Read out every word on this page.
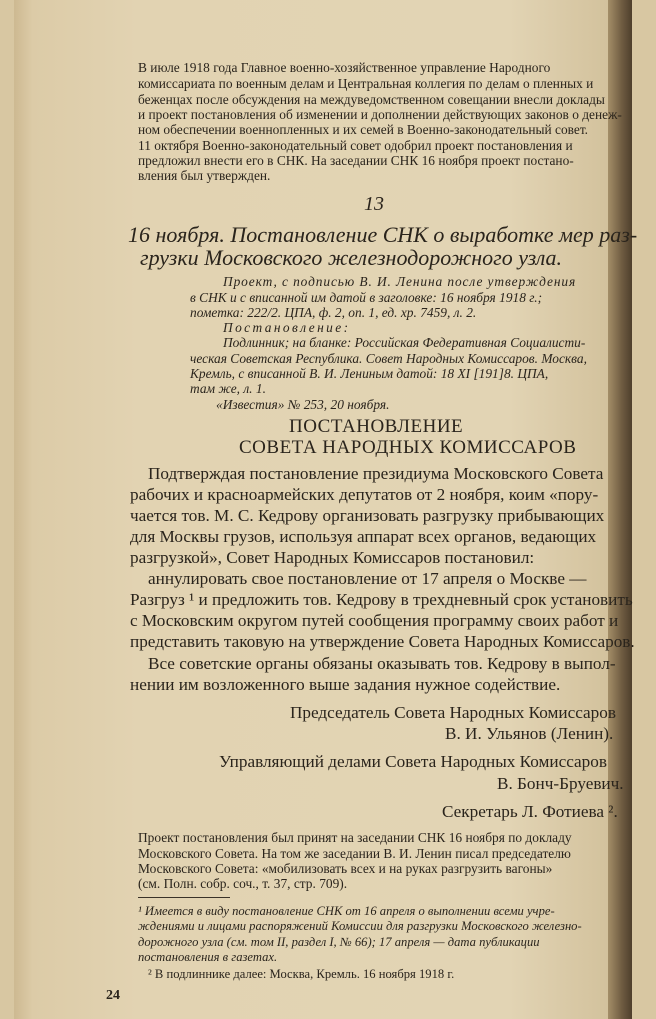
В июле 1918 года Главное военно-хозяйственное управление Народного

комиссариата по военным делам и Центральная коллегия по делам о пленных и

беженцах после обсуждения на междуведомственном совещании внесли доклады

и проект постановления об изменении и дополнении действующих законов о денеж-

ном обеспечении военнопленных и их семей в Военно-законодательный совет.

11 октября Военно-законодательный совет одобрил проект постановления и

предложил внести его в СНК. На заседании СНК 16 ноября проект постано-

вления был утвержден.

13

16 ноября. Постановление СНК о выработке мер раз-

грузки Московского железнодорожного узла.

Проект, с подписью В. И. Ленина после утверждения

в СНК и с вписанной им датой в заголовке: 16 ноября 1918 г.;

пометка: 222/2. ЦПА, ф. 2, оп. 1, ед. хр. 7459, л. 2.

Постановление:

Подлинник; на бланке: Российская Федеративная Социалисти-

ческая Советская Республика. Совет Народных Комиссаров. Москва,

Кремль, с вписанной В. И. Лениным датой: 18 XI [191]8. ЦПА,

там же, л. 1.

«Известия» № 253, 20 ноября.

ПОСТАНОВЛЕНИЕ

СОВЕТА НАРОДНЫХ КОМИССАРОВ

Подтверждая постановление президиума Московского Совета

рабочих и красноармейских депутатов от 2 ноября, коим «пору-

чается тов. М. С. Кедрову организовать разгрузку прибывающих

для Москвы грузов, используя аппарат всех органов, ведающих

разгрузкой», Совет Народных Комиссаров постановил:

аннулировать свое постановление от 17 апреля о Москве —

Разгруз ¹ и предложить тов. Кедрову в трехдневный срок установить

с Московским округом путей сообщения программу своих работ и

представить таковую на утверждение Совета Народных Комиссаров.

Все советские органы обязаны оказывать тов. Кедрову в выпол-

нении им возложенного выше задания нужное содействие.

Председатель Совета Народных Комиссаров

В. И. Ульянов (Ленин).

Управляющий делами Совета Народных Комиссаров

В. Бонч-Бруевич.

Секретарь Л. Фотиева ².

Проект постановления был принят на заседании СНК 16 ноября по докладу

Московского Совета. На том же заседании В. И. Ленин писал председателю

Московского Совета: «мобилизовать всех и на руках разгрузить вагоны»

(см. Полн. собр. соч., т. 37, стр. 709).

¹ Имеется в виду постановление СНК от 16 апреля о выполнении всеми учре-

ждениями и лицами распоряжений Комиссии для разгрузки Московского железно-

дорожного узла (см. том II, раздел I, № 66); 17 апреля — дата публикации

постановления в газетах.

² В подлиннике далее: Москва, Кремль. 16 ноября 1918 г.

24
